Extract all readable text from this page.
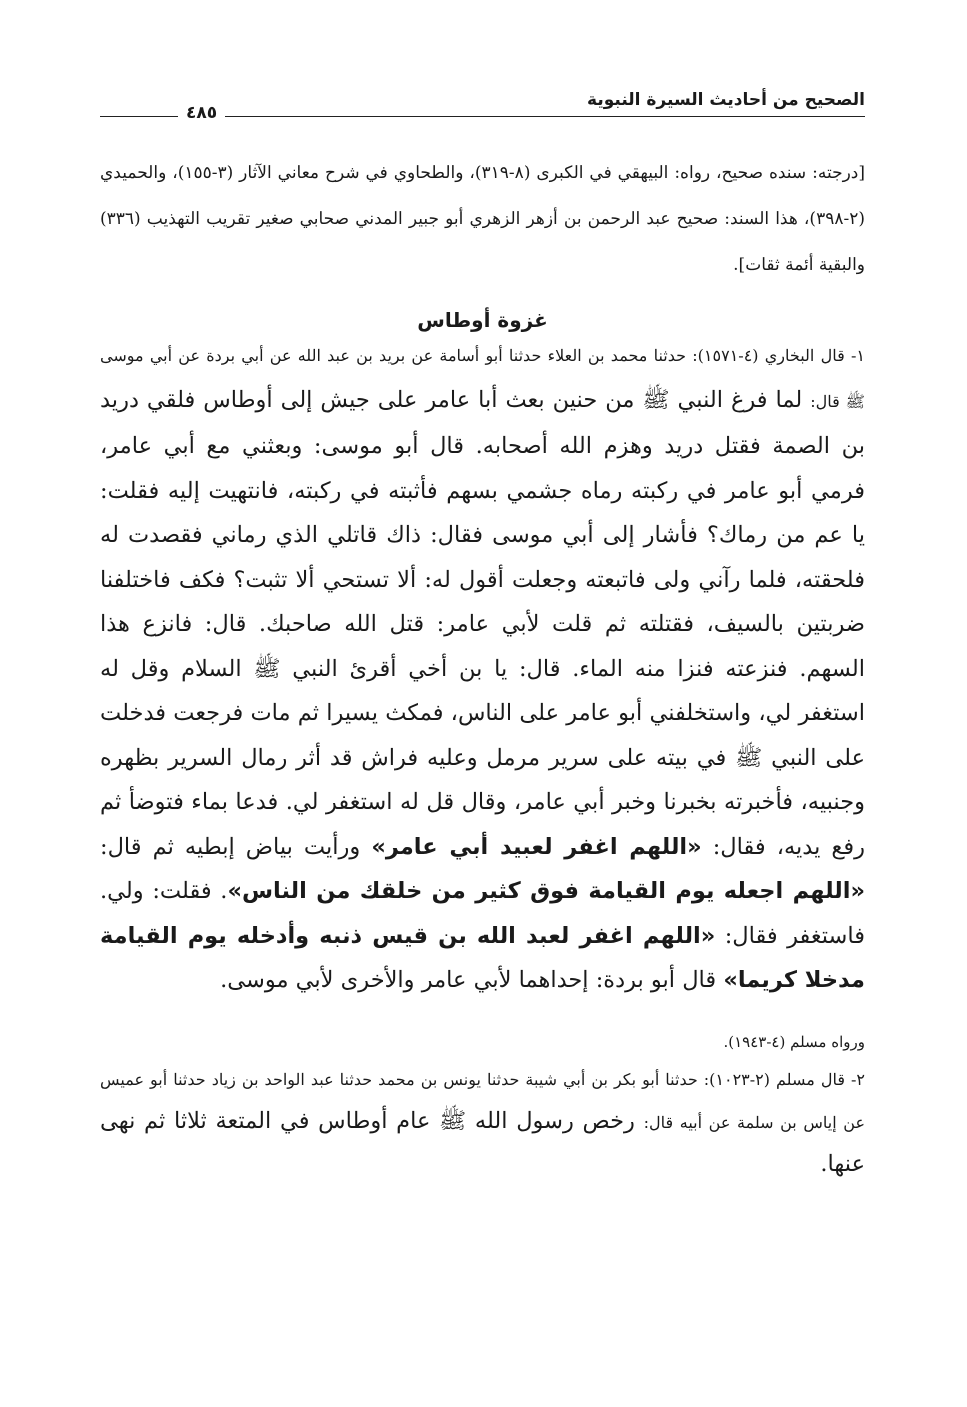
الصحيح من أحاديث السيرة النبوية
٤٨٥

[درجته: سنده صحيح، رواه: البيهقي في الكبرى (٨-٣١٩)، والطحاوي في شرح معاني الآثار (٣-١٥٥)، والحميدي (٢-٣٩٨)، هذا السند: صحيح عبد الرحمن بن أزهر الزهري أبو جبير المدني صحابي صغير تقريب التهذيب (٣٣٦) والبقية أئمة ثقات].

غزوة أوطاس
١- قال البخاري (٤-١٥٧١): حدثنا محمد بن العلاء حدثنا أبو أسامة عن بريد بن عبد الله عن أبي بردة عن أبي موسى ﷺ قال: لما فرغ النبي ﷺ من حنين بعث أبا عامر على جيش إلى أوطاس فلقي دريد بن الصمة فقتل دريد وهزم الله أصحابه. قال أبو موسى: وبعثني مع أبي عامر، فرمي أبو عامر في ركبته رماه جشمي بسهم فأثبته في ركبته، فانتهيت إليه فقلت: يا عم من رماك؟ فأشار إلى أبي موسى فقال: ذاك قاتلي الذي رماني فقصدت له فلحقته، فلما رآني ولى فاتبعته وجعلت أقول له: ألا تستحي ألا تثبت؟ فكف فاختلفنا ضربتين بالسيف، فقتلته ثم قلت لأبي عامر: قتل الله صاحبك. قال: فانزع هذا السهم. فنزعته فنزا منه الماء. قال: يا بن أخي أقرئ النبي ﷺ السلام وقل له استغفر لي، واستخلفني أبو عامر على الناس، فمكث يسيرا ثم مات فرجعت فدخلت على النبي ﷺ في بيته على سرير مرمل وعليه فراش قد أثر رمال السرير بظهره وجنبيه، فأخبرته بخبرنا وخبر أبي عامر، وقال قل له استغفر لي. فدعا بماء فتوضأ ثم رفع يديه، فقال: «اللهم اغفر لعبيد أبي عامر» ورأيت بياض إبطيه ثم قال: «اللهم اجعله يوم القيامة فوق كثير من خلقك من الناس». فقلت: ولي. فاستغفر فقال: «اللهم اغفر لعبد الله بن قيس ذنبه وأدخله يوم القيامة مدخلا كريما» قال أبو بردة: إحداهما لأبي عامر والأخرى لأبي موسى.
ورواه مسلم (٤-١٩٤٣).
٢- قال مسلم (٢-١٠٢٣): حدثنا أبو بكر بن أبي شيبة حدثنا يونس بن محمد حدثنا عبد الواحد بن زياد حدثنا أبو عميس عن إياس بن سلمة عن أبيه قال: رخص رسول الله ﷺ عام أوطاس في المتعة ثلاثا ثم نهى عنها.
